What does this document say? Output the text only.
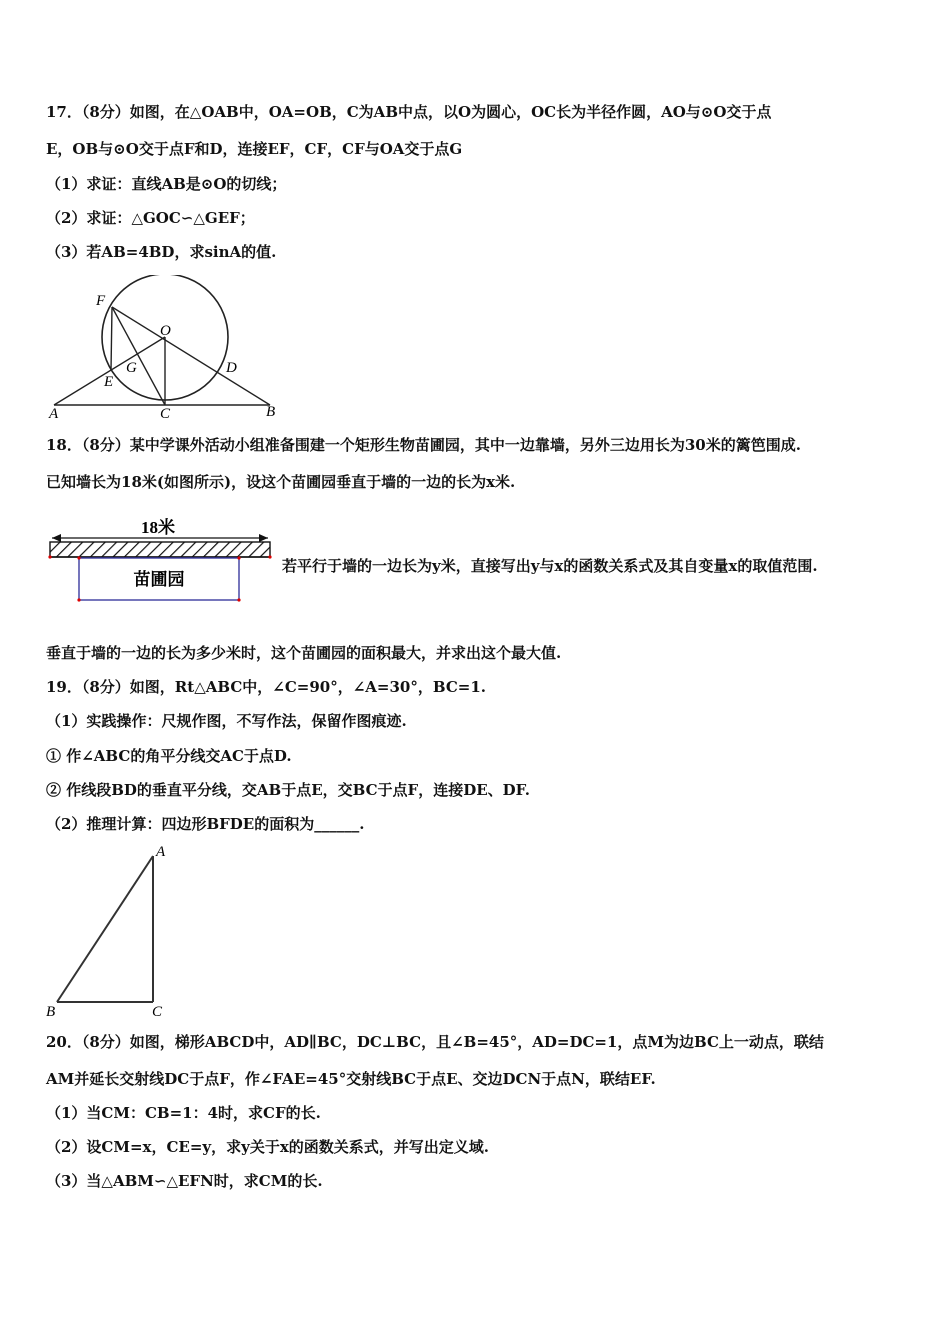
17．（8分）如图，在△OAB中，OA=OB，C为AB中点，以O为圆心，OC长为半径作圆，AO与⊙O交于点
E，OB与⊙O交于点F和D，连接EF，CF，CF与OA交于点G
（1）求证：直线AB是⊙O的切线；
（2）求证：△GOC∽△GEF；
（3）若AB=4BD，求sinA的值.
F
O
G
E
D
A	C	B
18．（8分）某中学课外活动小组准备围建一个矩形生物苗圃园，其中一边靠墙，另外三边用长为30米的篱笆围成.
已知墙长为18米(如图所示)，设这个苗圃园垂直于墙的一边的长为x米.
18米
苗圃园
若平行于墙的一边长为y米，直接写出y与x的函数关系式及其自变量x的取值范围.
垂直于墙的一边的长为多少米时，这个苗圃园的面积最大，并求出这个最大值.
19．（8分）如图，Rt△ABC中，∠C=90°，∠A=30°，BC=1.
（1）实践操作：尺规作图，不写作法，保留作图痕迹.
① 作∠ABC的角平分线交AC于点D.
② 作线段BD的垂直平分线，交AB于点E，交BC于点F，连接DE、DF.
（2）推理计算：四边形BFDE的面积为______.
A
B	C
20．（8分）如图，梯形ABCD中，AD∥BC，DC⊥BC，且∠B=45°，AD=DC=1，点M为边BC上一动点，联结
AM并延长交射线DC于点F，作∠FAE=45°交射线BC于点E、交边DCN于点N，联结EF.
（1）当CM：CB=1：4时，求CF的长.
（2）设CM=x，CE=y，求y关于x的函数关系式，并写出定义域.
（3）当△ABM∽△EFN时，求CM的长.
